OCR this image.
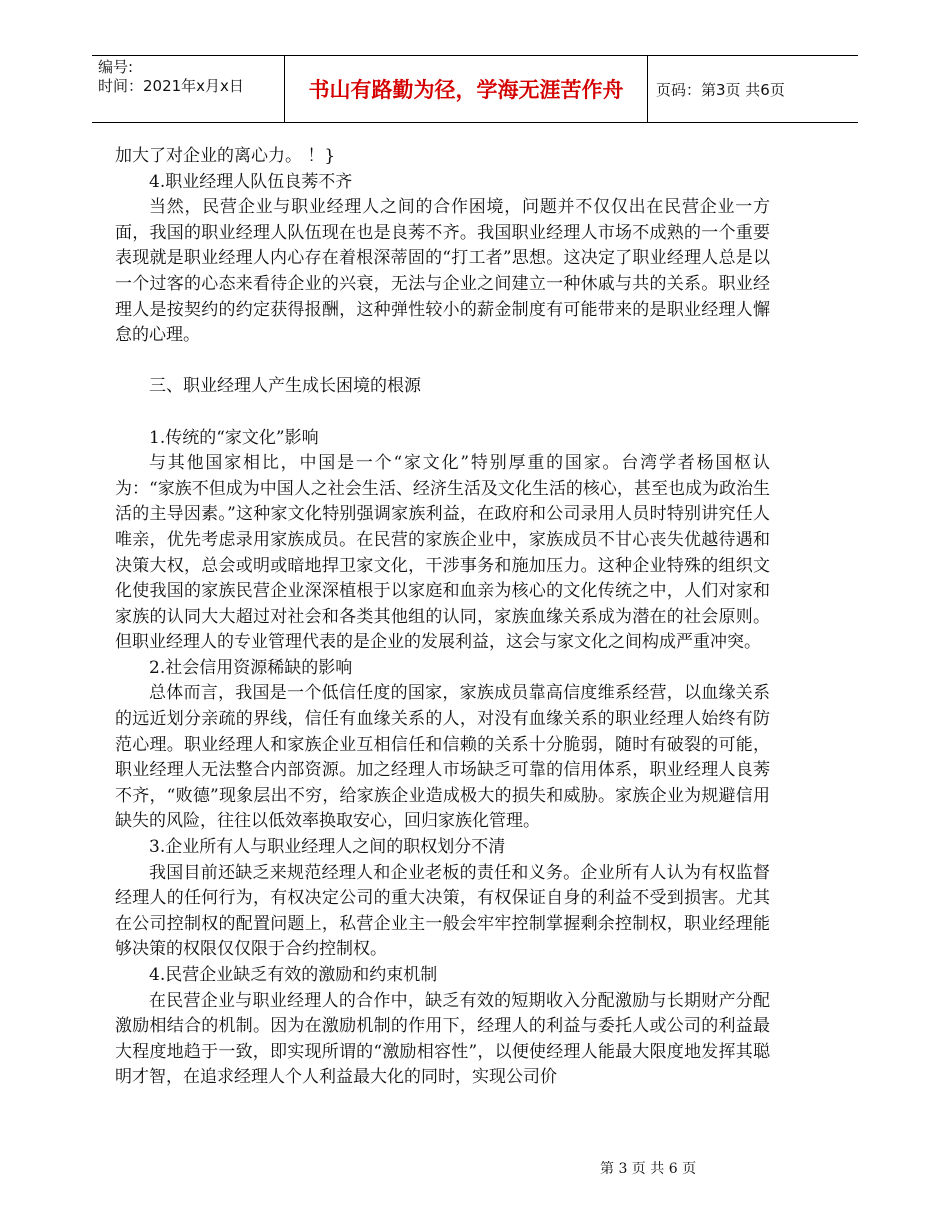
编号:
时间：2021年x月x日	书山有路勤为径，学海无涯苦作舟	页码：第3页 共6页

加大了对企业的离心力。 ！}

4.职业经理人队伍良莠不齐

当然，民营企业与职业经理人之间的合作困境，问题并不仅仅出在民营企业一方面，我国的职业经理人队伍现在也是良莠不齐。我国职业经理人市场不成熟的一个重要表现就是职业经理人内心存在着根深蒂固的“打工者”思想。这决定了职业经理人总是以一个过客的心态来看待企业的兴衰，无法与企业之间建立一种休戚与共的关系。职业经理人是按契约的约定获得报酬，这种弹性较小的薪金制度有可能带来的是职业经理人懈怠的心理。

三、职业经理人产生成长困境的根源

1.传统的“家文化”影响

与其他国家相比，中国是一个“家文化”特别厚重的国家。台湾学者杨国枢认为：“家族不但成为中国人之社会生活、经济生活及文化生活的核心，甚至也成为政治生活的主导因素。”这种家文化特别强调家族利益，在政府和公司录用人员时特别讲究任人唯亲，优先考虑录用家族成员。在民营的家族企业中，家族成员不甘心丧失优越待遇和决策大权，总会或明或暗地捍卫家文化，干涉事务和施加压力。这种企业特殊的组织文化使我国的家族民营企业深深植根于以家庭和血亲为核心的文化传统之中，人们对家和家族的认同大大超过对社会和各类其他组的认同，家族血缘关系成为潜在的社会原则。但职业经理人的专业管理代表的是企业的发展利益，这会与家文化之间构成严重冲突。

2.社会信用资源稀缺的影响

总体而言，我国是一个低信任度的国家，家族成员靠高信度维系经营，以血缘关系的远近划分亲疏的界线，信任有血缘关系的人，对没有血缘关系的职业经理人始终有防范心理。职业经理人和家族企业互相信任和信赖的关系十分脆弱，随时有破裂的可能，职业经理人无法整合内部资源。加之经理人市场缺乏可靠的信用体系，职业经理人良莠不齐，“败德”现象层出不穷，给家族企业造成极大的损失和威胁。家族企业为规避信用缺失的风险，往往以低效率换取安心，回归家族化管理。

3.企业所有人与职业经理人之间的职权划分不清

我国目前还缺乏来规范经理人和企业老板的责任和义务。企业所有人认为有权监督经理人的任何行为，有权决定公司的重大决策，有权保证自身的利益不受到损害。尤其在公司控制权的配置问题上，私营企业主一般会牢牢控制掌握剩余控制权，职业经理能够决策的权限仅仅限于合约控制权。

4.民营企业缺乏有效的激励和约束机制

在民营企业与职业经理人的合作中，缺乏有效的短期收入分配激励与长期财产分配激励相结合的机制。因为在激励机制的作用下，经理人的利益与委托人或公司的利益最大程度地趋于一致，即实现所谓的“激励相容性”，以便使经理人能最大限度地发挥其聪明才智，在追求经理人个人利益最大化的同时，实现公司价

第 3 页 共 6 页
